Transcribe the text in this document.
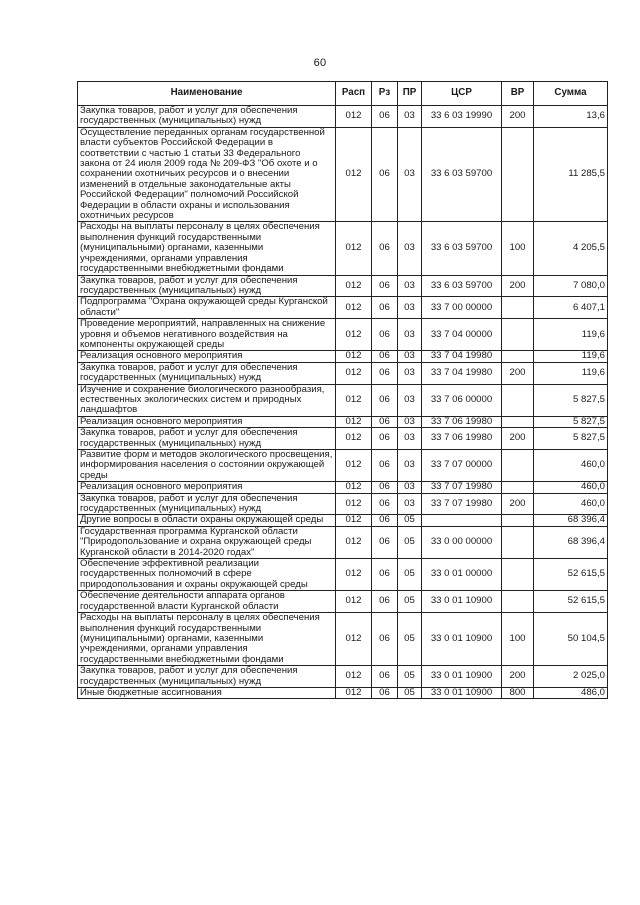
60
Наименование	Расп	Рз	ПР	ЦСР	ВР	Сумма
Закупка товаров, работ и услуг для обеспечения государственных (муниципальных) нужд	012	06	03	33 6 03 19990	200	13,6
Осуществление переданных органам государственной власти субъектов Российской Федерации в соответствии с частью 1 статьи 33 Федерального закона от 24 июля 2009 года № 209-ФЗ "Об охоте и о сохранении охотничьих ресурсов и о внесении изменений в отдельные законодательные акты Российской Федерации" полномочий Российской Федерации в области охраны и использования охотничьих ресурсов	012	06	03	33 6 03 59700		11 285,5
Расходы на выплаты персоналу в целях обеспечения выполнения функций государственными (муниципальными) органами, казенными учреждениями, органами управления государственными внебюджетными фондами	012	06	03	33 6 03 59700	100	4 205,5
Закупка товаров, работ и услуг для обеспечения государственных (муниципальных) нужд	012	06	03	33 6 03 59700	200	7 080,0
Подпрограмма "Охрана окружающей среды Курганской области"	012	06	03	33 7 00 00000		6 407,1
Проведение мероприятий, направленных на снижение уровня и объемов негативного воздействия на компоненты окружающей среды	012	06	03	33 7 04 00000		119,6
Реализация основного мероприятия	012	06	03	33 7 04 19980		119,6
Закупка товаров, работ и услуг для обеспечения государственных (муниципальных) нужд	012	06	03	33 7 04 19980	200	119,6
Изучение и сохранение биологического разнообразия, естественных экологических систем и природных ландшафтов	012	06	03	33 7 06 00000		5 827,5
Реализация основного мероприятия	012	06	03	33 7 06 19980		5 827,5
Закупка товаров, работ и услуг для обеспечения государственных (муниципальных) нужд	012	06	03	33 7 06 19980	200	5 827,5
Развитие форм и методов экологического просвещения, информирования населения о состоянии окружающей среды	012	06	03	33 7 07 00000		460,0
Реализация основного мероприятия	012	06	03	33 7 07 19980		460,0
Закупка товаров, работ и услуг для обеспечения государственных (муниципальных) нужд	012	06	03	33 7 07 19980	200	460,0
Другие вопросы в области охраны окружающей среды	012	06	05			68 396,4
Государственная программа Курганской области "Природопользование и охрана окружающей среды Курганской области в 2014-2020 годах"	012	06	05	33 0 00 00000		68 396,4
Обеспечение эффективной реализации государственных полномочий в сфере природопользования и охраны окружающей среды	012	06	05	33 0 01 00000		52 615,5
Обеспечение деятельности аппарата органов государственной власти Курганской области	012	06	05	33 0 01 10900		52 615,5
Расходы на выплаты персоналу в целях обеспечения выполнения функций государственными (муниципальными) органами, казенными учреждениями, органами управления государственными внебюджетными фондами	012	06	05	33 0 01 10900	100	50 104,5
Закупка товаров, работ и услуг для обеспечения государственных (муниципальных) нужд	012	06	05	33 0 01 10900	200	2 025,0
Иные бюджетные ассигнования	012	06	05	33 0 01 10900	800	486,0
